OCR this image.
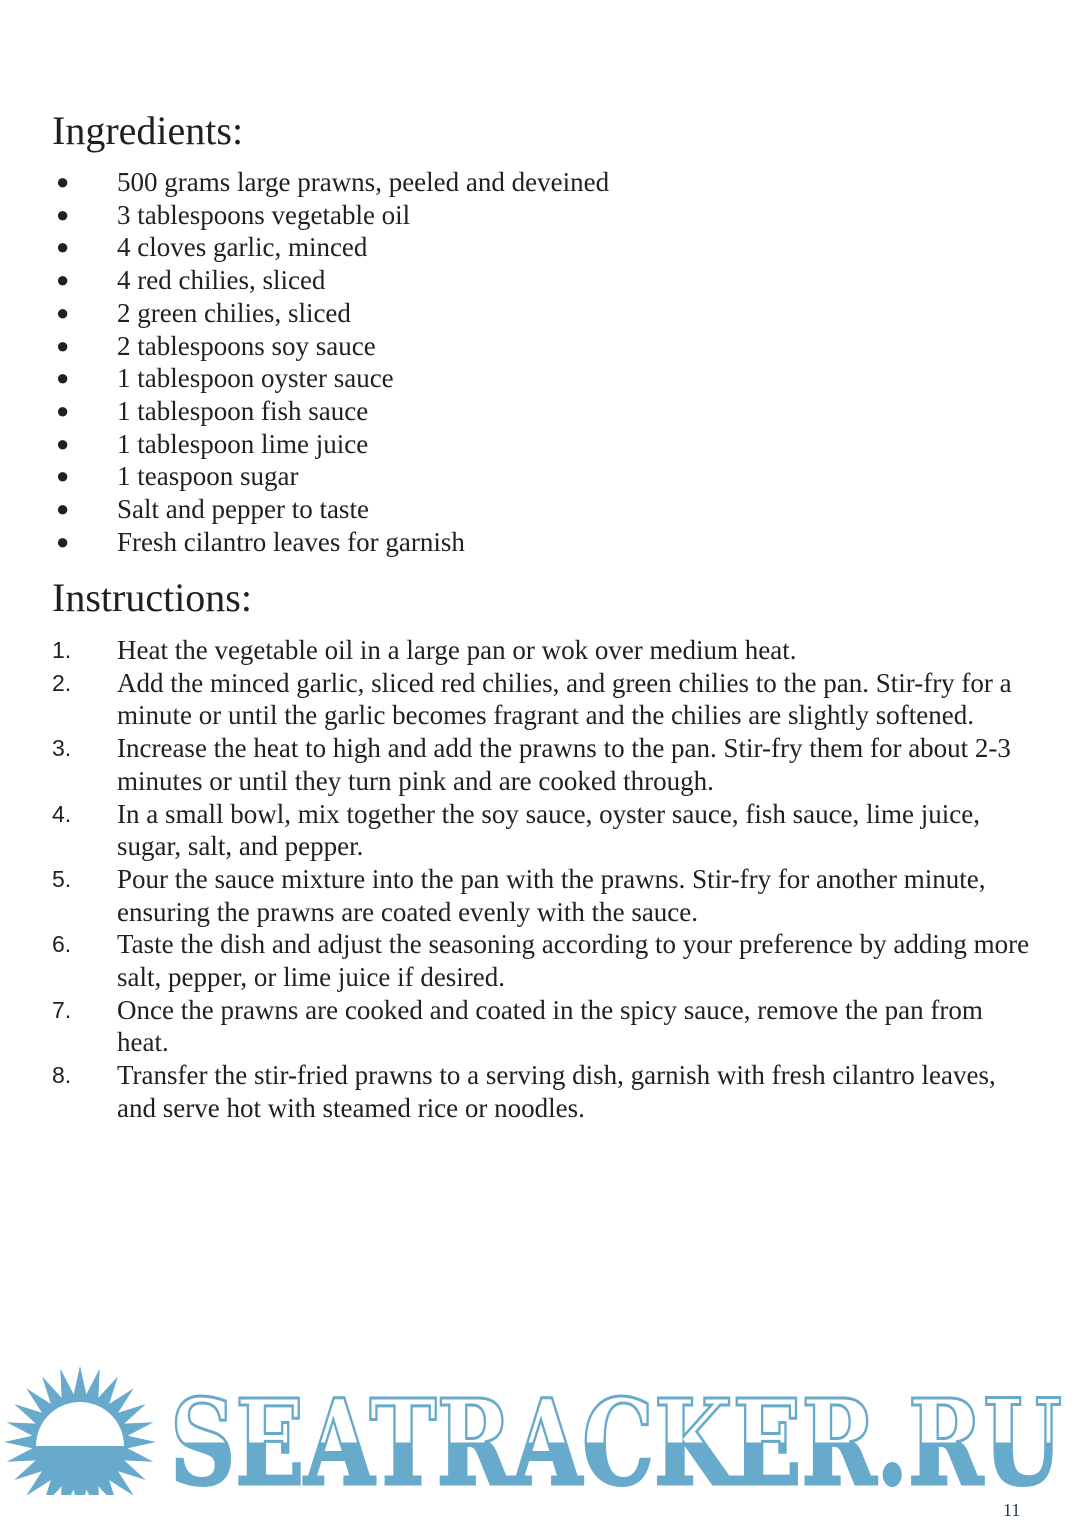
Ingredients:
● 500 grams large prawns, peeled and deveined
● 3 tablespoons vegetable oil
● 4 cloves garlic, minced
● 4 red chilies, sliced
● 2 green chilies, sliced
● 2 tablespoons soy sauce
● 1 tablespoon oyster sauce
● 1 tablespoon fish sauce
● 1 tablespoon lime juice
● 1 teaspoon sugar
● Salt and pepper to taste
● Fresh cilantro leaves for garnish
Instructions:
1. Heat the vegetable oil in a large pan or wok over medium heat.
2. Add the minced garlic, sliced red chilies, and green chilies to the pan. Stir-fry for a minute or until the garlic becomes fragrant and the chilies are slightly softened.
3. Increase the heat to high and add the prawns to the pan. Stir-fry them for about 2-3 minutes or until they turn pink and are cooked through.
4. In a small bowl, mix together the soy sauce, oyster sauce, fish sauce, lime juice, sugar, salt, and pepper.
5. Pour the sauce mixture into the pan with the prawns. Stir-fry for another minute, ensuring the prawns are coated evenly with the sauce.
6. Taste the dish and adjust the seasoning according to your preference by adding more salt, pepper, or lime juice if desired.
7. Once the prawns are cooked and coated in the spicy sauce, remove the pan from heat.
8. Transfer the stir-fried prawns to a serving dish, garnish with fresh cilantro leaves, and serve hot with steamed rice or noodles.
SEATRACKER.RU
11
